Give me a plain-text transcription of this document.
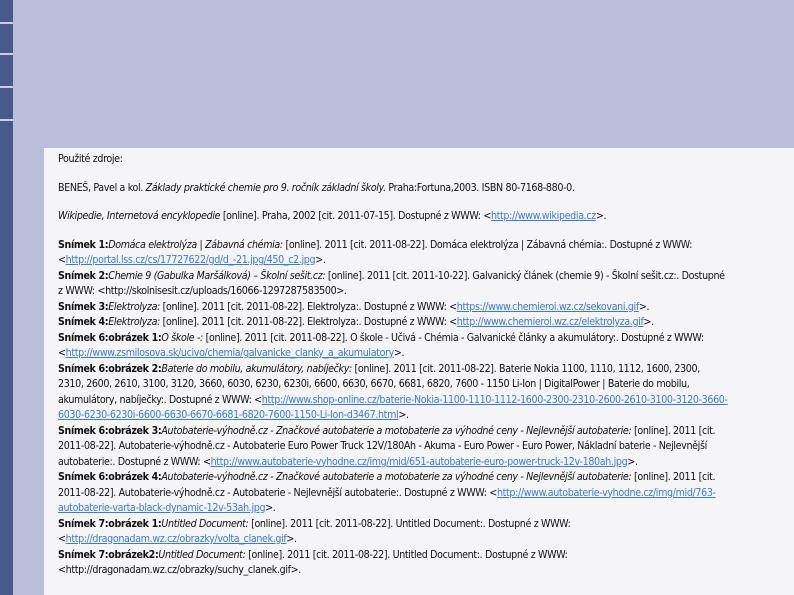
Použité zdroje:

BENEŠ, Pavel a kol. Základy praktické chemie pro 9. ročník základní školy. Praha:Fortuna,2003. ISBN 80-7168-880-0.

Wikipedie, Internetová encyklopedie [online]. Praha, 2002 [cit. 2011-07-15]. Dostupné z WWW: <http://www.wikipedia.cz>.

Snímek 1:Domáca elektrolýza | Zábavná chémia: [online]. 2011 [cit. 2011-08-22]. Domáca elektrolýza | Zábavná chémia:. Dostupné z WWW: <http://portal.lss.cz/cs/17727622/gd/d_-21.jpg/450_c2.jpg>.

Snímek 2:Chemie 9 (Gabulka Maršálková) – Školní sešit.cz: [online]. 2011 [cit. 2011-10-22]. Galvanický článek (chemie 9) - Školní sešit.cz:. Dostupné z WWW: <http://skolnisesit.cz/uploads/16066-1297287583500>.

Snímek 3:Elektrolyza: [online]. 2011 [cit. 2011-08-22]. Elektrolyza:. Dostupné z WWW: <https://www.chemieroi.wz.cz/sekovani.gif>.

Snímek 4:Elektrolyza: [online]. 2011 [cit. 2011-08-22]. Elektrolyza:. Dostupné z WWW: <http://www.chemieroi.wz.cz/elektrolyza.gif>.

Snímek 6:obrázek 1:O škole -: [online]. 2011 [cit. 2011-08-22]. O škole - Učivá - Chémia - Galvanické články a akumulátory:. Dostupné z WWW: <http://www.zsmilosova.sk/ucivo/chemia/galvanicke_clanky_a_akumulatory>.

Snímek 6:obrázek 2:Baterie do mobilu, akumulátory, nabíječky: [online]. 2011 [cit. 2011-08-22]. Baterie Nokia 1100, 1110, 1112, 1600, 2300, 2310, 2600, 2610, 3100, 3120, 3660, 6030, 6230, 6230i, 6600, 6630, 6670, 6681, 6820, 7600 - 1150 Li-Ion | DigitalPower | Baterie do mobilu, akumulátory, nabíječky:. Dostupné z WWW: <http://www.shop-online.cz/baterie-Nokia-1100-1110-1112-1600-2300-2310-2600-2610-3100-3120-3660-6030-6230-6230i-6600-6630-6670-6681-6820-7600-1150-Li-Ion-d3467.html>.

Snímek 6:obrázek 3:Autobaterie-výhodně.cz - Značkové autobaterie a motobaterie za výhodné ceny - Nejlevnější autobaterie: [online]. 2011 [cit. 2011-08-22]. Autobaterie-výhodně.cz - Autobaterie Euro Power Truck 12V/180Ah - Akuma - Euro Power - Euro Power, Nákladní baterie - Nejlevnější autobaterie:. Dostupné z WWW: <http://www.autobaterie-vyhodne.cz/img/mid/651-autobaterie-euro-power-truck-12v-180ah.jpg>.

Snímek 6:obrázek 4:Autobaterie-výhodně.cz - Značkové autobaterie a motobaterie za výhodné ceny - Nejlevnější autobaterie: [online]. 2011 [cit. 2011-08-22]. Autobaterie-výhodně.cz - Autobaterie - Nejlevnější autobaterie:. Dostupné z WWW: <http://www.autobaterie-vyhodne.cz/img/mid/763-autobaterie-varta-black-dynamic-12v-53ah.jpg>.

Snímek 7:obrázek 1:Untitled Document: [online]. 2011 [cit. 2011-08-22]. Untitled Document:. Dostupné z WWW: <http://dragonadam.wz.cz/obrazky/volta_clanek.gif>.

Snímek 7:obrázek2:Untitled Document: [online]. 2011 [cit. 2011-08-22]. Untitled Document:. Dostupné z WWW: <http://dragonadam.wz.cz/obrazky/suchy_clanek.gif>.
